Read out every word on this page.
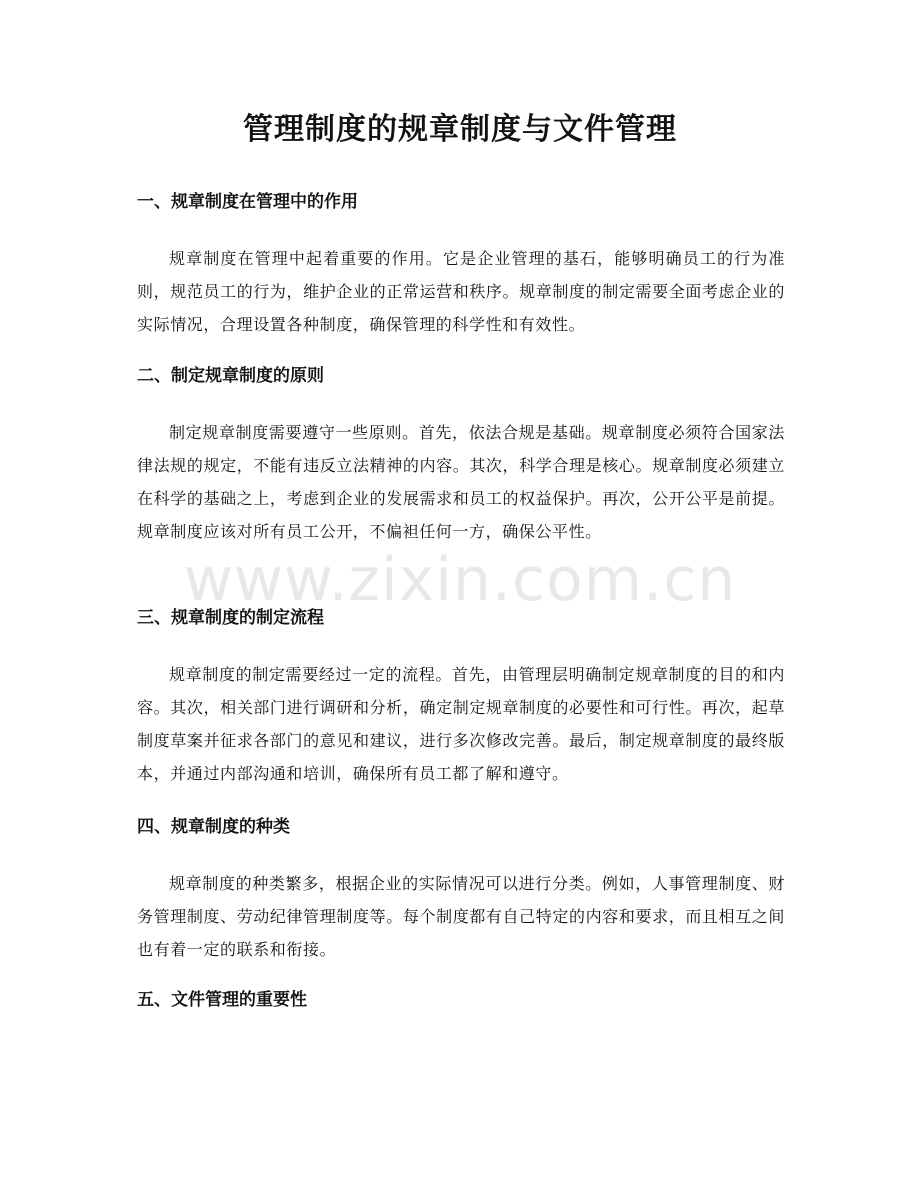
管理制度的规章制度与文件管理
一、规章制度在管理中的作用

规章制度在管理中起着重要的作用。它是企业管理的基石，能够明确员工的行为准则，规范员工的行为，维护企业的正常运营和秩序。规章制度的制定需要全面考虑企业的实际情况，合理设置各种制度，确保管理的科学性和有效性。

二、制定规章制度的原则

制定规章制度需要遵守一些原则。首先，依法合规是基础。规章制度必须符合国家法律法规的规定，不能有违反立法精神的内容。其次，科学合理是核心。规章制度必须建立在科学的基础之上，考虑到企业的发展需求和员工的权益保护。再次，公开公平是前提。规章制度应该对所有员工公开，不偏袒任何一方，确保公平性。

三、规章制度的制定流程

规章制度的制定需要经过一定的流程。首先，由管理层明确制定规章制度的目的和内容。其次，相关部门进行调研和分析，确定制定规章制度的必要性和可行性。再次，起草制度草案并征求各部门的意见和建议，进行多次修改完善。最后，制定规章制度的最终版本，并通过内部沟通和培训，确保所有员工都了解和遵守。

四、规章制度的种类

规章制度的种类繁多，根据企业的实际情况可以进行分类。例如，人事管理制度、财务管理制度、劳动纪律管理制度等。每个制度都有自己特定的内容和要求，而且相互之间也有着一定的联系和衔接。

五、文件管理的重要性
www.zixin.com.cn
